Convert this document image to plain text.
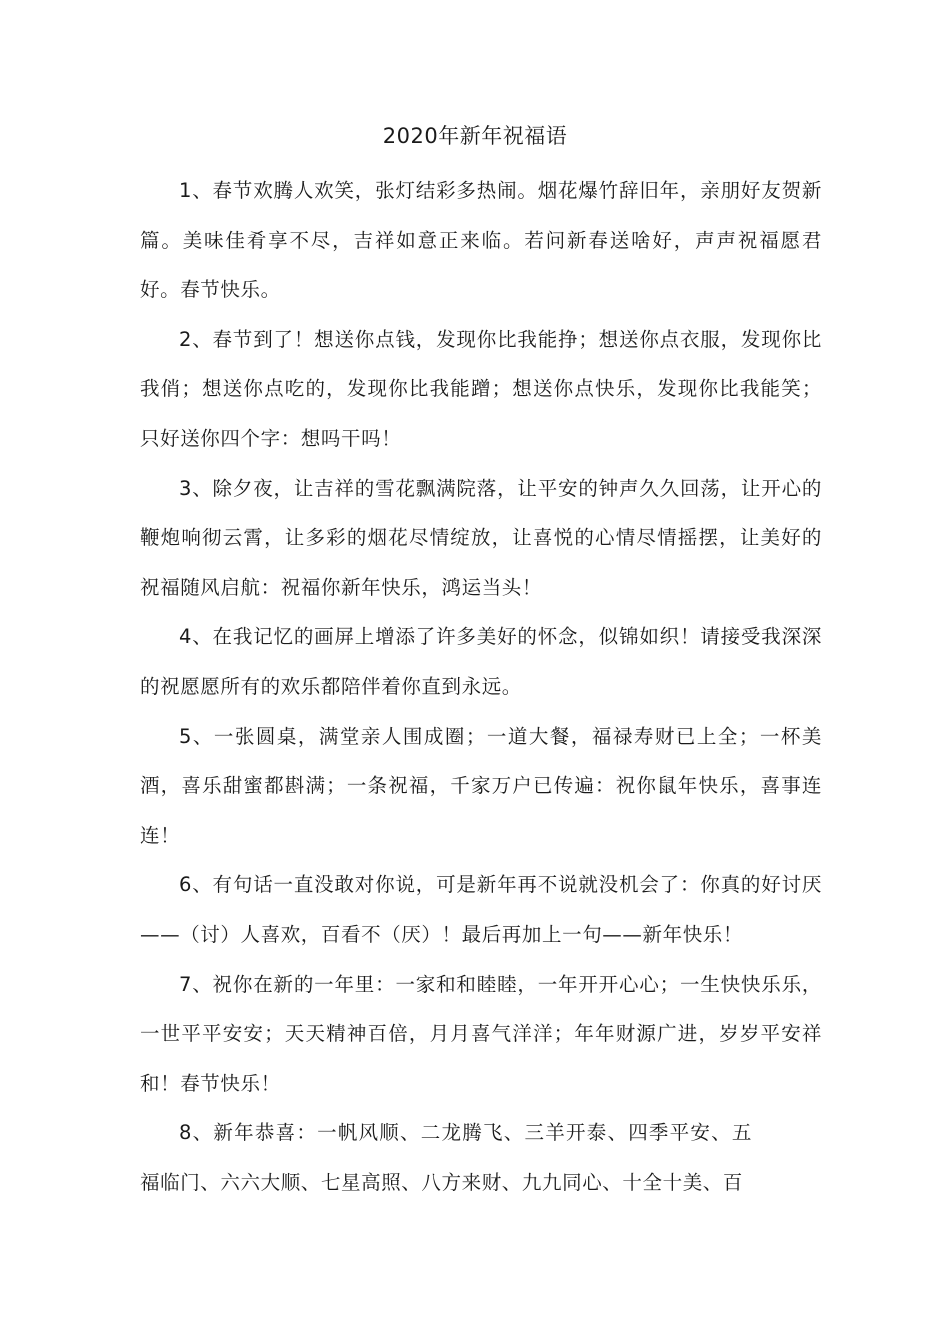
2020年新年祝福语

1、春节欢腾人欢笑，张灯结彩多热闹。烟花爆竹辞旧年，亲朋好友贺新篇。美味佳肴享不尽，吉祥如意正来临。若问新春送啥好，声声祝福愿君好。春节快乐。

2、春节到了！想送你点钱，发现你比我能挣；想送你点衣服，发现你比我俏；想送你点吃的，发现你比我能蹭；想送你点快乐，发现你比我能笑；只好送你四个字：想吗干吗！

3、除夕夜，让吉祥的雪花飘满院落，让平安的钟声久久回荡，让开心的鞭炮响彻云霄，让多彩的烟花尽情绽放，让喜悦的心情尽情摇摆，让美好的祝福随风启航：祝福你新年快乐，鸿运当头！

4、在我记忆的画屏上增添了许多美好的怀念，似锦如织！请接受我深深的祝愿愿所有的欢乐都陪伴着你直到永远。

5、一张圆桌，满堂亲人围成圈；一道大餐，福禄寿财已上全；一杯美酒，喜乐甜蜜都斟满；一条祝福，千家万户已传遍：祝你鼠年快乐，喜事连连！

6、有句话一直没敢对你说，可是新年再不说就没机会了：你真的好讨厌——（讨）人喜欢，百看不（厌）！最后再加上一句——新年快乐！

7、祝你在新的一年里：一家和和睦睦，一年开开心心；一生快快乐乐，一世平平安安；天天精神百倍，月月喜气洋洋；年年财源广进，岁岁平安祥和！春节快乐！

8、新年恭喜：一帆风顺、二龙腾飞、三羊开泰、四季平安、五福临门、六六大顺、七星高照、八方来财、九九同心、十全十美、百
